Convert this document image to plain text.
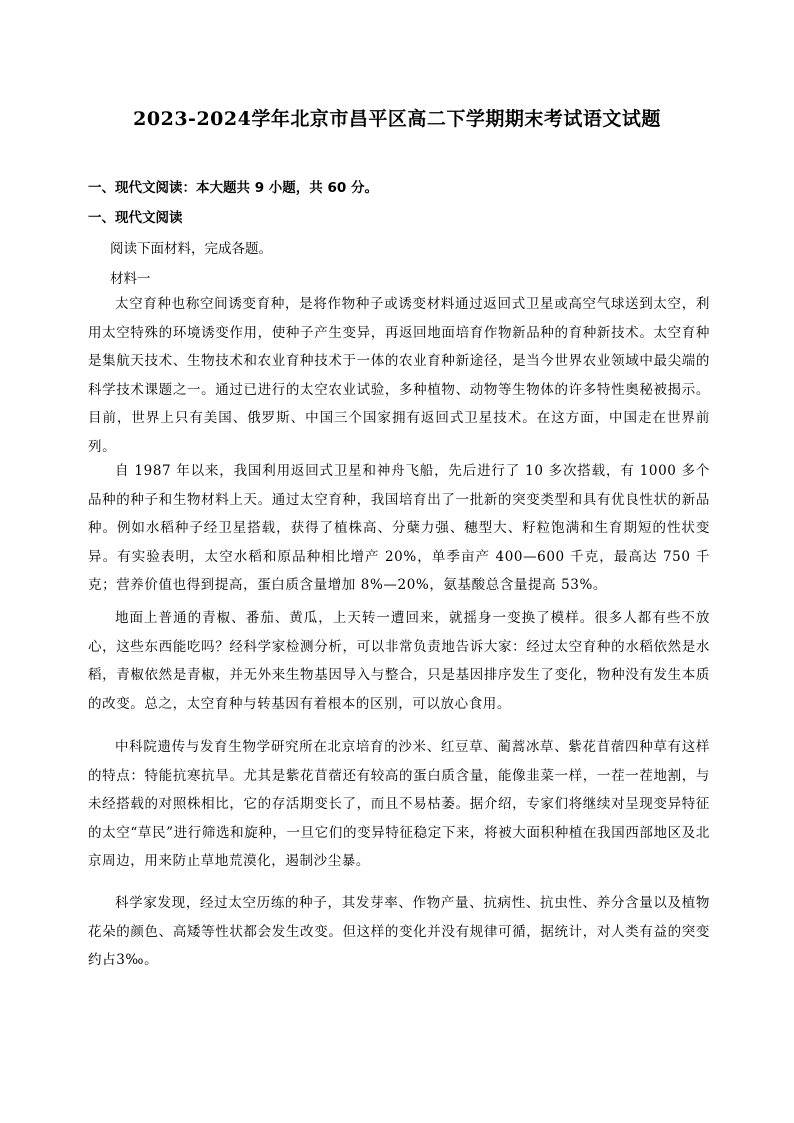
2023-2024学年北京市昌平区高二下学期期末考试语文试题
一、现代文阅读：本大题共 9 小题，共 60 分。
一、现代文阅读
阅读下面材料，完成各题。
材料一

太空育种也称空间诱变育种，是将作物种子或诱变材料通过返回式卫星或高空气球送到太空，利用太空特殊的环境诱变作用，使种子产生变异，再返回地面培育作物新品种的育种新技术。太空育种是集航天技术、生物技术和农业育种技术于一体的农业育种新途径，是当今世界农业领域中最尖端的科学技术课题之一。通过已进行的太空农业试验，多种植物、动物等生物体的许多特性奥秘被揭示。目前，世界上只有美国、俄罗斯、中国三个国家拥有返回式卫星技术。在这方面，中国走在世界前列。

自 1987 年以来，我国利用返回式卫星和神舟飞船，先后进行了 10 多次搭载，有 1000 多个品种的种子和生物材料上天。通过太空育种，我国培育出了一批新的突变类型和具有优良性状的新品种。例如水稻种子经卫星搭载，获得了植株高、分蘖力强、穗型大、籽粒饱满和生育期短的性状变异。有实验表明，太空水稻和原品种相比增产 20%，单季亩产 400—600 千克，最高达 750 千克；营养价值也得到提高，蛋白质含量增加 8%—20%，氨基酸总含量提高 53%。

地面上普通的青椒、番茄、黄瓜，上天转一遭回来，就摇身一变换了模样。很多人都有些不放心，这些东西能吃吗？经科学家检测分析，可以非常负责地告诉大家：经过太空育种的水稻依然是水稻，青椒依然是青椒，并无外来生物基因导入与整合，只是基因排序发生了变化，物种没有发生本质的改变。总之，太空育种与转基因有着根本的区别，可以放心食用。

中科院遗传与发育生物学研究所在北京培育的沙米、红豆草、蔺蒿冰草、紫花苜蓿四种草有这样的特点：特能抗寒抗旱。尤其是紫花苜蓿还有较高的蛋白质含量，能像韭菜一样，一茬一茬地割，与未经搭载的对照株相比，它的存活期变长了，而且不易枯萎。据介绍，专家们将继续对呈现变异特征的太空“草民”进行筛选和旋种，一旦它们的变异特征稳定下来，将被大面积种植在我国西部地区及北京周边，用来防止草地荒漠化，遏制沙尘暴。

科学家发现，经过太空历练的种子，其发芽率、作物产量、抗病性、抗虫性、养分含量以及植物花朵的颜色、高矮等性状都会发生改变。但这样的变化并没有规律可循，据统计，对人类有益的突变约占3‰。
